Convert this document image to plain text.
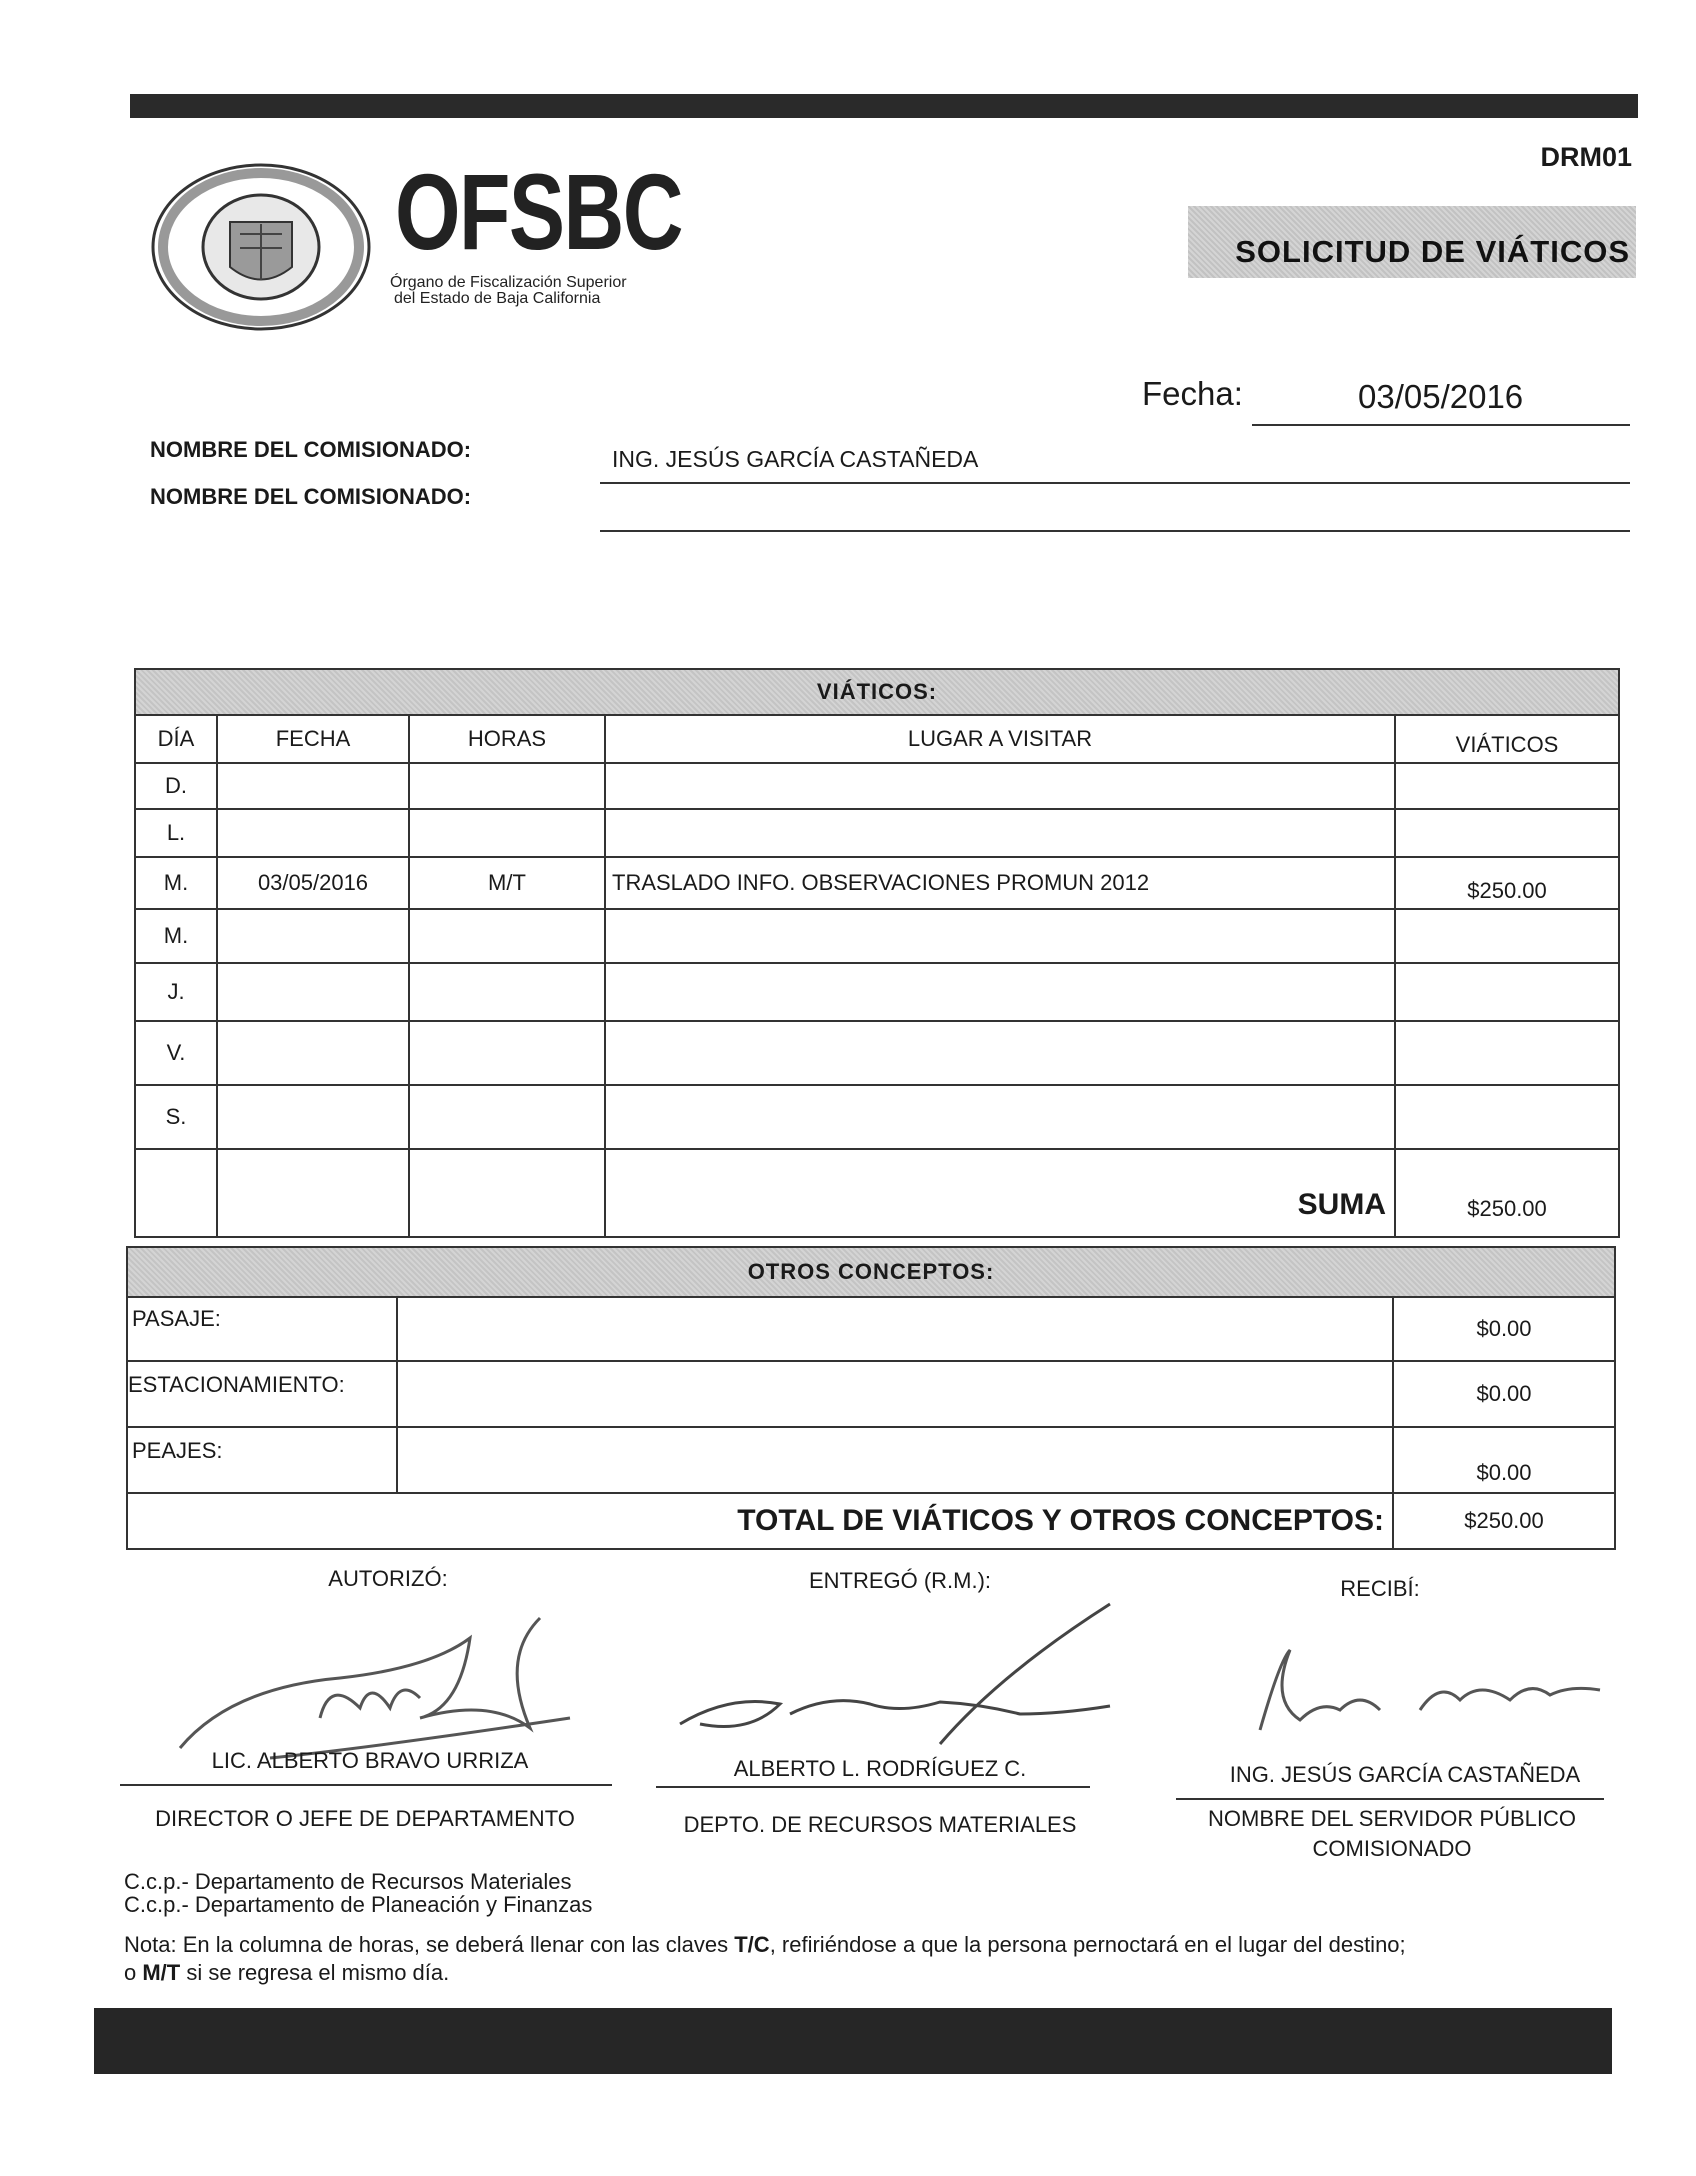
DRM01
SOLICITUD DE VIÁTICOS
OFSBC
Órgano de Fiscalización Superior
del Estado de Baja California
Fecha:	03/05/2016
NOMBRE DEL COMISIONADO:	ING. JESÚS GARCÍA CASTAÑEDA
NOMBRE DEL COMISIONADO:
VIÁTICOS:				
DÍA	FECHA	HORAS	LUGAR A VISITAR	VIÁTICOS
D.				
L.				
M.	03/05/2016	M/T	TRASLADO INFO. OBSERVACIONES PROMUN 2012	$250.00
M.				
J.				
V.				
S.				
			SUMA	$250.00
OTROS CONCEPTOS:		
PASAJE:		$0.00
ESTACIONAMIENTO:		$0.00
PEAJES:		$0.00
TOTAL DE VIÁTICOS Y OTROS CONCEPTOS:		$250.00
AUTORIZÓ:	ENTREGÓ (R.M.):	RECIBÍ:
LIC. ALBERTO BRAVO URRIZA
DIRECTOR O JEFE DE DEPARTAMENTO
ALBERTO L. RODRÍGUEZ C.
DEPTO. DE RECURSOS MATERIALES
ING. JESÚS GARCÍA CASTAÑEDA
NOMBRE DEL SERVIDOR PÚBLICO
COMISIONADO
C.c.p.- Departamento de Recursos Materiales
C.c.p.- Departamento de Planeación y Finanzas
Nota: En la columna de horas, se deberá llenar con las claves T/C, refiriéndose a que la persona pernoctará en el lugar del destino;
o M/T si se regresa el mismo día.
